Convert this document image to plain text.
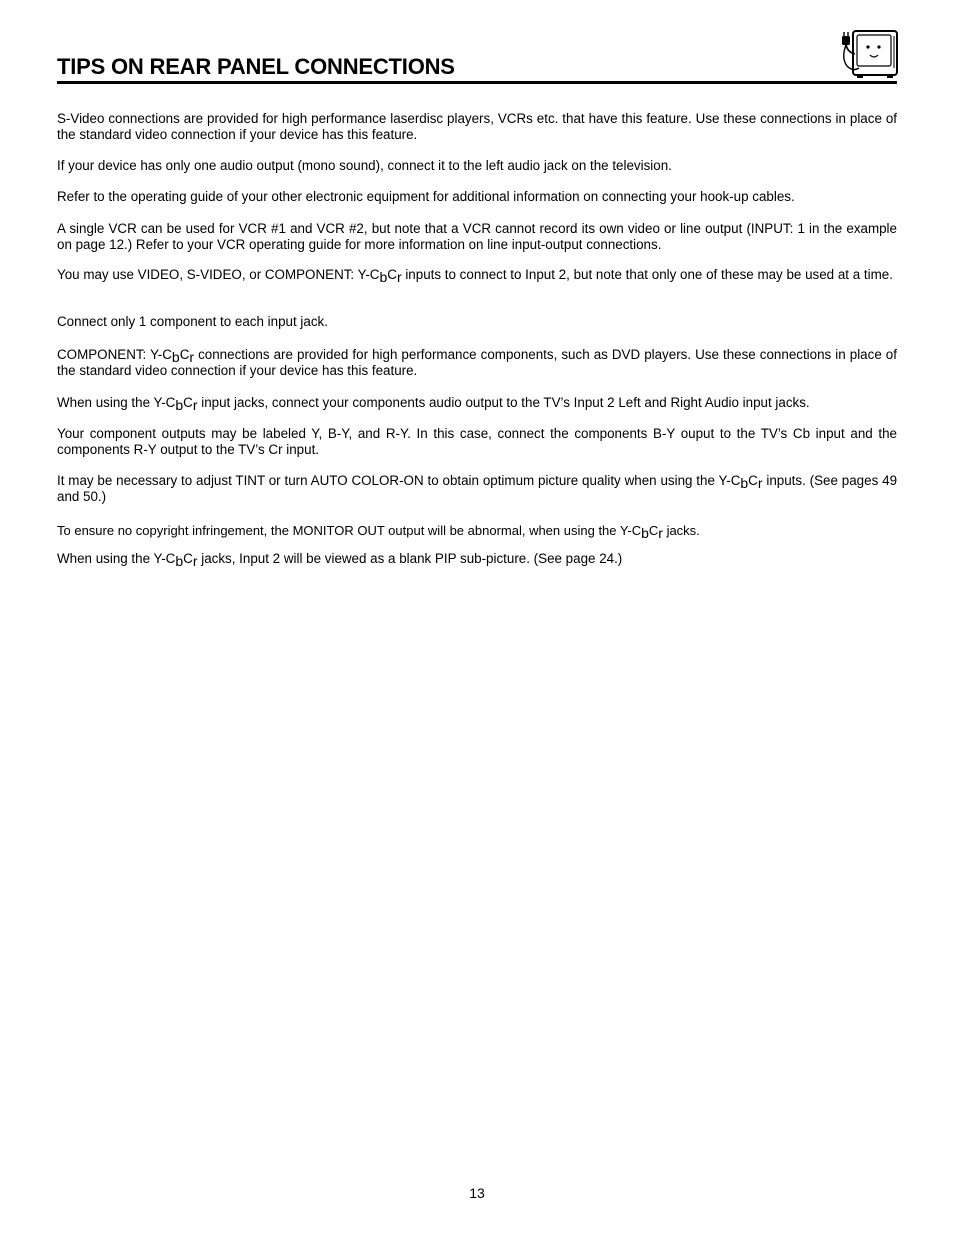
TIPS ON REAR PANEL CONNECTIONS

S-Video connections are provided for high performance laserdisc players, VCRs etc. that have this feature. Use these connections in place of the standard video connection if your device has this feature.

If your device has only one audio output (mono sound), connect it to the left audio jack on the television.

Refer to the operating guide of your other electronic equipment for additional information on connecting your hook-up cables.

A single VCR can be used for VCR #1 and VCR #2, but note that a VCR cannot record its own video or line output (INPUT: 1 in the example on page 12.) Refer to your VCR operating guide for more information on line input-output connections.

You may use VIDEO, S-VIDEO, or COMPONENT: Y-CbCr inputs to connect to Input 2, but note that only one of these may be used at a time.

Connect only 1 component to each input jack.

COMPONENT: Y-CbCr connections are provided for high performance components, such as DVD players. Use these connections in place of the standard video connection if your device has this feature.

When using the Y-CbCr input jacks, connect your components audio output to the TV’s Input 2 Left and Right Audio input jacks.

Your component outputs may be labeled Y, B-Y, and R-Y. In this case, connect the components B-Y ouput to the TV’s Cb input and the components R-Y output to the TV’s Cr input.

It may be necessary to adjust TINT or turn AUTO COLOR-ON to obtain optimum picture quality when using the Y-CbCr inputs. (See pages 49 and 50.)

To ensure no copyright infringement, the MONITOR OUT output will be abnormal, when using the Y-CbCr jacks.

When using the Y-CbCr jacks, Input 2 will be viewed as a blank PIP sub-picture. (See page 24.)

13
